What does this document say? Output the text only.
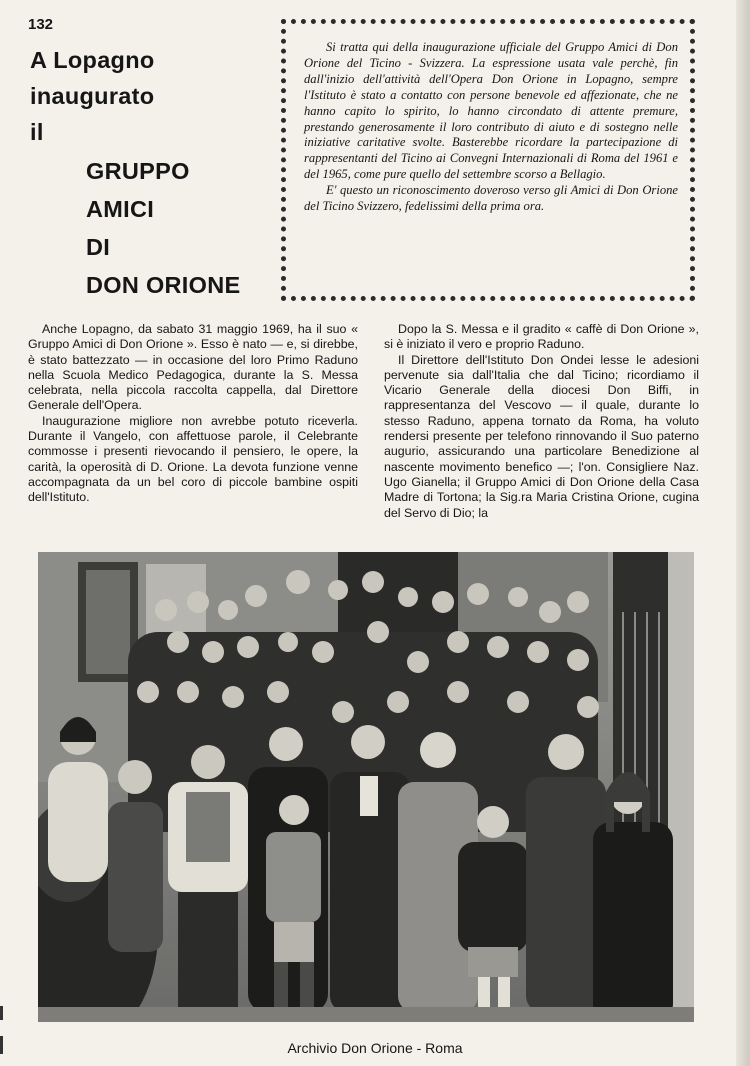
132
A Lopagno
inaugurato
il
GRUPPO
AMICI
DI
DON ORIONE

Si tratta qui della inaugurazione ufficiale del Gruppo Amici di Don Orione del Ticino - Svizzera. La espressione usata vale perchè, fin dall'inizio dell'attività dell'Opera Don Orione in Lopagno, sempre l'Istituto è stato a contatto con persone benevole ed affezionate, che ne hanno capito lo spirito, lo hanno circondato di attente premure, prestando generosamente il loro contributo di aiuto e di sostegno nelle iniziative caritative svolte. Basterebbe ricordare la partecipazione di rappresentanti del Ticino ai Convegni Internazionali di Roma del 1961 e del 1965, come pure quello del settembre scorso a Bellagio.

E' questo un riconoscimento doveroso verso gli Amici di Don Orione del Ticino Svizzero, fedelissimi della prima ora.

Anche Lopagno, da sabato 31 maggio 1969, ha il suo « Gruppo Amici di Don Orione ». Esso è nato — e, si direbbe, è stato battezzato — in occasione del loro Primo Raduno nella Scuola Medico Pedagogica, durante la S. Messa celebrata, nella piccola raccolta cappella, dal Direttore Generale dell'Opera.

Inaugurazione migliore non avrebbe potuto riceverla. Durante il Vangelo, con affettuose parole, il Celebrante commosse i presenti rievocando il pensiero, le opere, la carità, la operosità di D. Orione. La devota funzione venne accompagnata da un bel coro di piccole bambine ospiti dell'Istituto.

Dopo la S. Messa e il gradito « caffè di Don Orione », si è iniziato il vero e proprio Raduno.

Il Direttore dell'Istituto Don Ondei lesse le adesioni pervenute sia dall'Italia che dal Ticino; ricordiamo il Vicario Generale della diocesi Don Biffi, in rappresentanza del Vescovo — il quale, durante lo stesso Raduno, appena tornato da Roma, ha voluto rendersi presente per telefono rinnovando il Suo paterno augurio, assicurando una particolare Benedizione al nascente movimento benefico —; l'on. Consigliere Naz. Ugo Gianella; il Gruppo Amici di Don Orione della Casa Madre di Tortona; la Sig.ra Maria Cristina Orione, cugina del Servo di Dio; la

Archivio Don Orione - Roma
